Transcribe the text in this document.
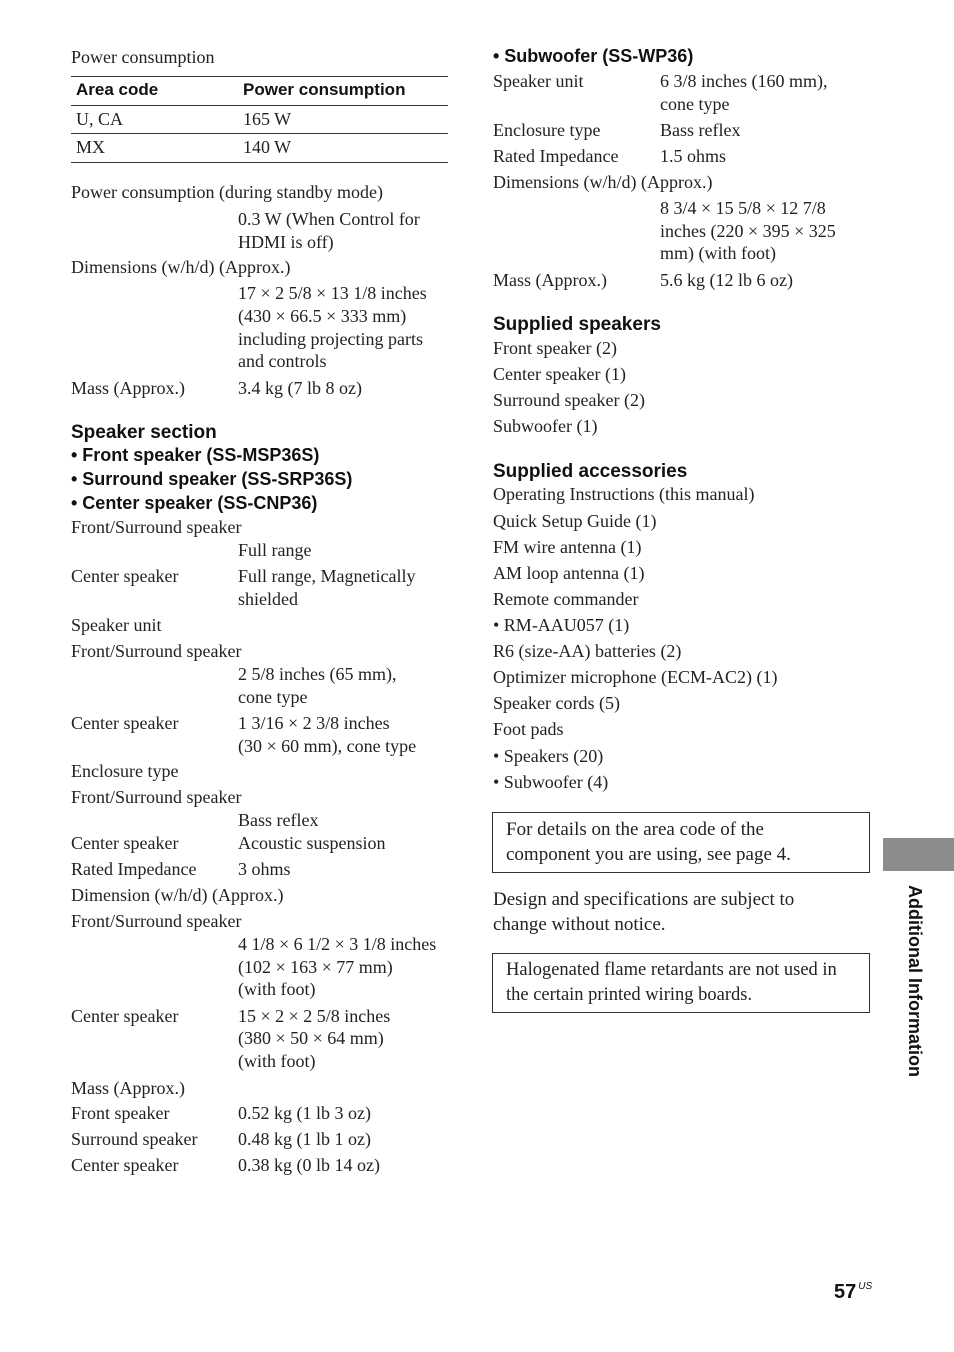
Power consumption
Area code	Power consumption
U, CA	165 W
MX	140 W
Power consumption (during standby mode)
0.3 W (When Control for
HDMI is off)
Dimensions (w/h/d) (Approx.)
17 × 2 5/8 × 13 1/8 inches
(430 × 66.5 × 333 mm)
including projecting parts
and controls
Mass (Approx.)	3.4 kg (7 lb 8 oz)
Speaker section
• Front speaker (SS-MSP36S)
• Surround speaker (SS-SRP36S)
• Center speaker (SS-CNP36)
Front/Surround speaker
Full range
Center speaker	Full range, Magnetically
shielded
Speaker unit
Front/Surround speaker
2 5/8 inches (65 mm),
cone type
Center speaker	1 3/16 × 2 3/8 inches
(30 × 60 mm), cone type
Enclosure type
Front/Surround speaker
Bass reflex
Center speaker	Acoustic suspension
Rated Impedance 3 ohms
Dimension (w/h/d) (Approx.)
Front/Surround speaker
4 1/8 × 6 1/2 × 3 1/8 inches
(102 × 163 × 77 mm)
(with foot)
Center speaker	15 × 2 × 2 5/8 inches
(380 × 50 × 64 mm)
(with foot)
Mass (Approx.)
Front speaker	0.52 kg (1 lb 3 oz)
Surround speaker 0.48 kg (1 lb 1 oz)
Center speaker	0.38 kg (0 lb 14 oz)
• Subwoofer (SS-WP36)
Speaker unit	6 3/8 inches (160 mm),
cone type
Enclosure type	Bass reflex
Rated Impedance 1.5 ohms
Dimensions (w/h/d) (Approx.)
8 3/4 × 15 5/8 × 12 7/8
inches (220 × 395 × 325
mm) (with foot)
Mass (Approx.)	5.6 kg (12 lb 6 oz)
Supplied speakers
Front speaker (2)
Center speaker (1)
Surround speaker (2)
Subwoofer (1)
Supplied accessories
Operating Instructions (this manual)
Quick Setup Guide (1)
FM wire antenna (1)
AM loop antenna (1)
Remote commander
• RM-AAU057 (1)
R6 (size-AA) batteries (2)
Optimizer microphone (ECM-AC2) (1)
Speaker cords (5)
Foot pads
• Speakers (20)
• Subwoofer (4)
For details on the area code of the
component you are using, see page 4.
Design and specifications are subject to
change without notice.
Halogenated flame retardants are not used in
the certain printed wiring boards.	Additional Information
57 $^{US}$
